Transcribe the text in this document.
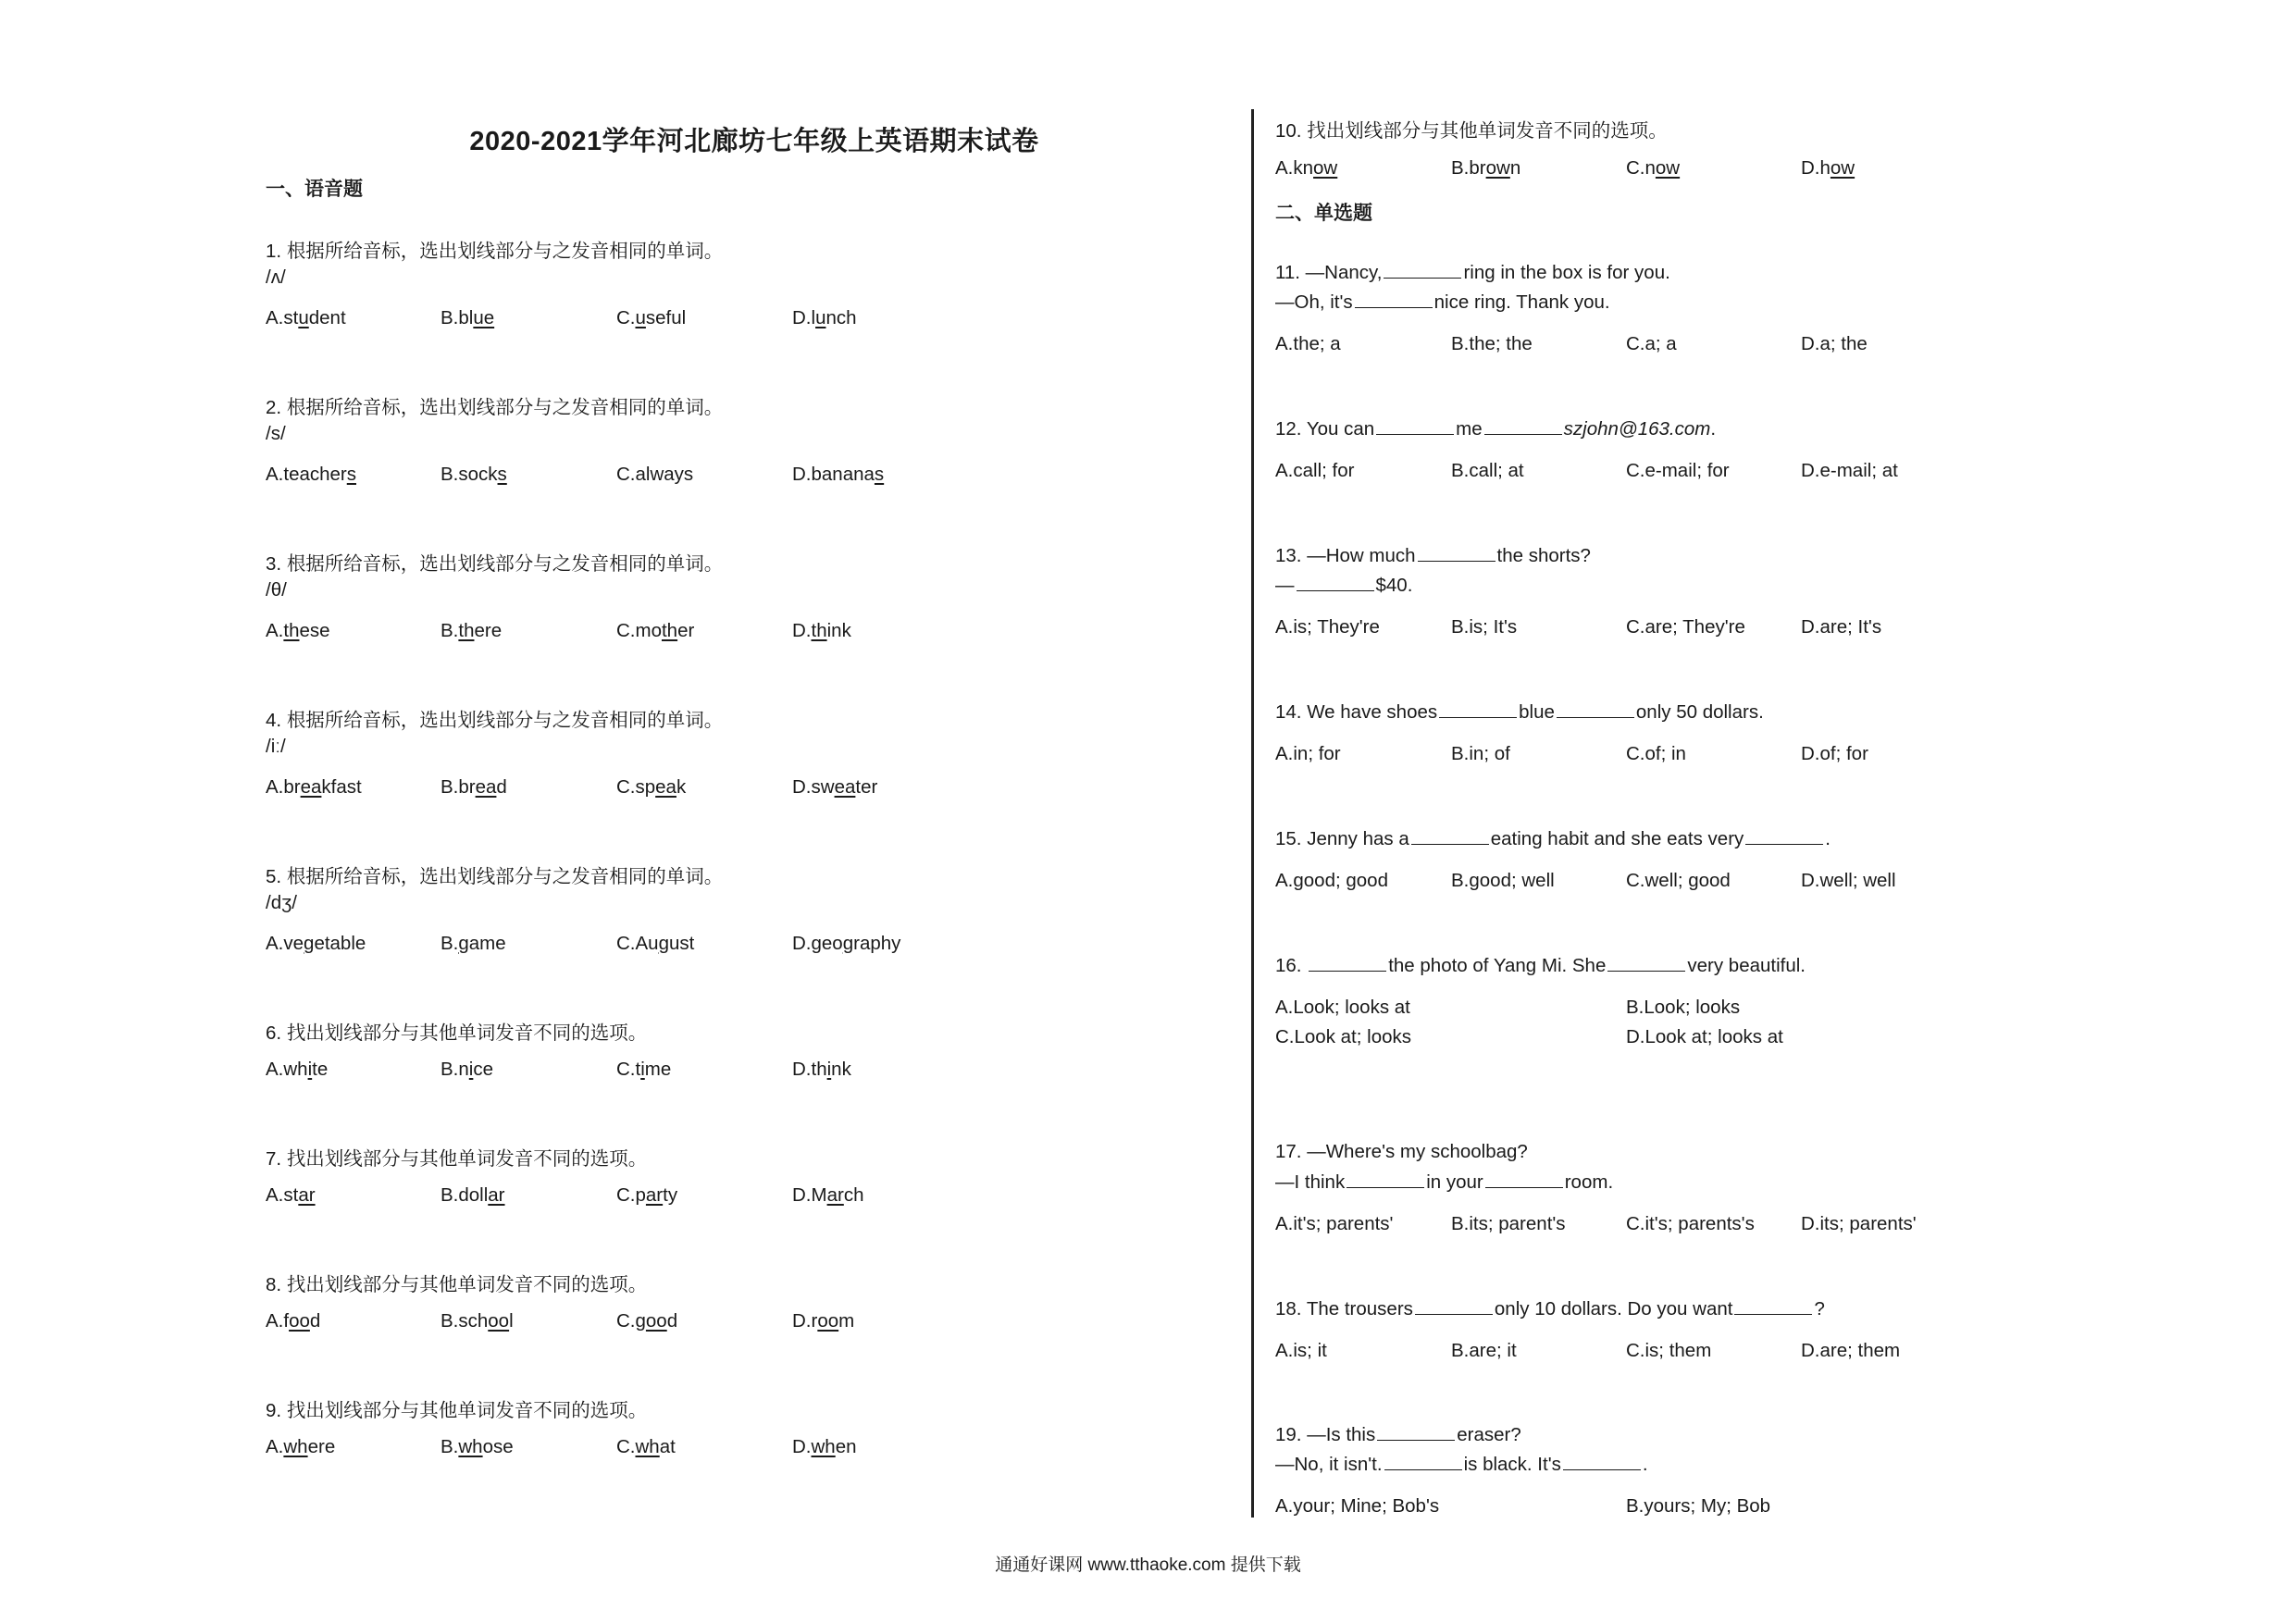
2020-2021学年河北廊坊七年级上英语期末试卷
一、语音题
1. 根据所给音标，选出划线部分与之发音相同的单词。
/ʌ/
A.student	B.blue	C.useful	D.lunch
2. 根据所给音标，选出划线部分与之发音相同的单词。
/s/
A.teachers	B.socks	C.always	D.bananas
3. 根据所给音标，选出划线部分与之发音相同的单词。
/θ/
A.these	B.there	C.mother	D.think
4. 根据所给音标，选出划线部分与之发音相同的单词。
/iː/
A.breakfast	B.bread	C.speak	D.sweater
5. 根据所给音标，选出划线部分与之发音相同的单词。
/dʒ/
A.vegetable	B.game	C.August	D.geography
6. 找出划线部分与其他单词发音不同的选项。
A.white	B.nice	C.time	D.think
7. 找出划线部分与其他单词发音不同的选项。
A.star	B.dollar	C.party	D.March
8. 找出划线部分与其他单词发音不同的选项。
A.food	B.school	C.good	D.room
9. 找出划线部分与其他单词发音不同的选项。
A.where	B.whose	C.what	D.when
10. 找出划线部分与其他单词发音不同的选项。
A.know	B.brown	C.now	D.how
二、单选题
11. —Nancy,	ring in the box is for you.
—Oh, it's	nice ring. Thank you.
A.the; a	B.the; the	C.a; a	D.a; the
12. You can	me	szjohn@163.com.
A.call; for	B.call; at	C.e-mail; for	D.e-mail; at
13. —How much	the shorts?
—	$40.
A.is; They're	B.is; It's	C.are; They're	D.are; It's
14. We have shoes	blue	only 50 dollars.
A.in; for	B.in; of	C.of; in	D.of; for
15. Jenny has a	eating habit and she eats very	.
A.good; good	B.good; well	C.well; good	D.well; well
16.	the photo of Yang Mi. She	very beautiful.
A.Look; looks at	B.Look; looks
C.Look at; looks	D.Look at; looks at
17. —Where's my schoolbag?
—I think	in your	room.
A.it's; parents'	B.its; parent's	C.it's; parents's D.its; parents'
18. The trousers	only 10 dollars. Do you want	?
A.is; it	B.are; it	C.is; them	D.are; them
19. —Is this	eraser?
—No, it isn't.	is black. It's	.
A.your; Mine; Bob's	B.yours; My; Bob
通通好课网 www.tthaoke.com 提供下载
